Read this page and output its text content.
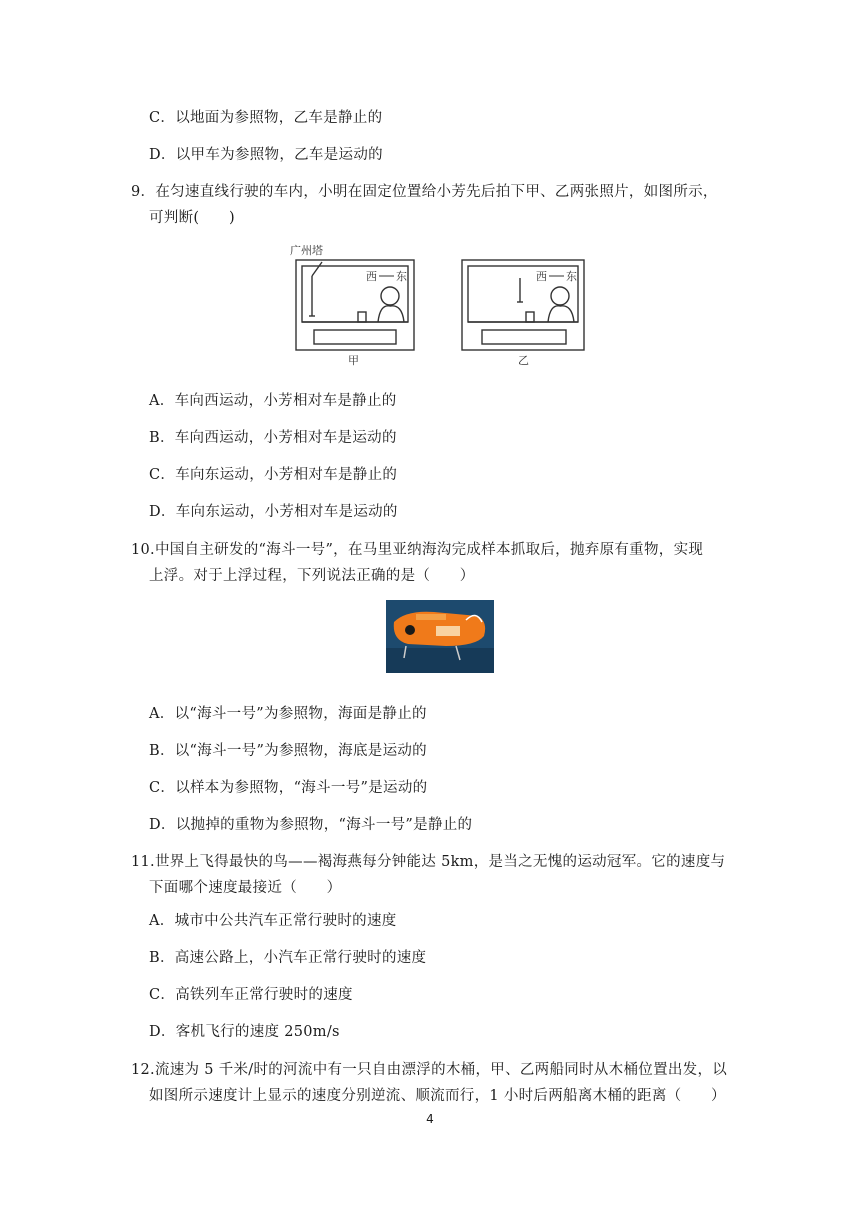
C．以地面为参照物，乙车是静止的
D．以甲车为参照物，乙车是运动的
9．在匀速直线行驶的车内，小明在固定位置给小芳先后拍下甲、乙两张照片，如图所示，
可判断(　　)
广州塔
西 东
甲
西 东
乙
A．车向西运动，小芳相对车是静止的
B．车向西运动，小芳相对车是运动的
C．车向东运动，小芳相对车是静止的
D．车向东运动，小芳相对车是运动的
10.中国自主研发的“海斗一号”，在马里亚纳海沟完成样本抓取后，抛弃原有重物，实现
上浮。对于上浮过程，下列说法正确的是（　　）
A．以“海斗一号”为参照物，海面是静止的
B．以“海斗一号”为参照物，海底是运动的
C．以样本为参照物，“海斗一号”是运动的
D．以抛掉的重物为参照物，“海斗一号”是静止的
11.世界上飞得最快的鸟——褐海燕每分钟能达 5km，是当之无愧的运动冠军。它的速度与
下面哪个速度最接近（　　）
A．城市中公共汽车正常行驶时的速度
B．高速公路上，小汽车正常行驶时的速度
C．高铁列车正常行驶时的速度
D．客机飞行的速度 250m/s
12.流速为 5 千米/时的河流中有一只自由漂浮的木桶，甲、乙两船同时从木桶位置出发，以
如图所示速度计上显示的速度分别逆流、顺流而行，1 小时后两船离木桶的距离（　　）
4
